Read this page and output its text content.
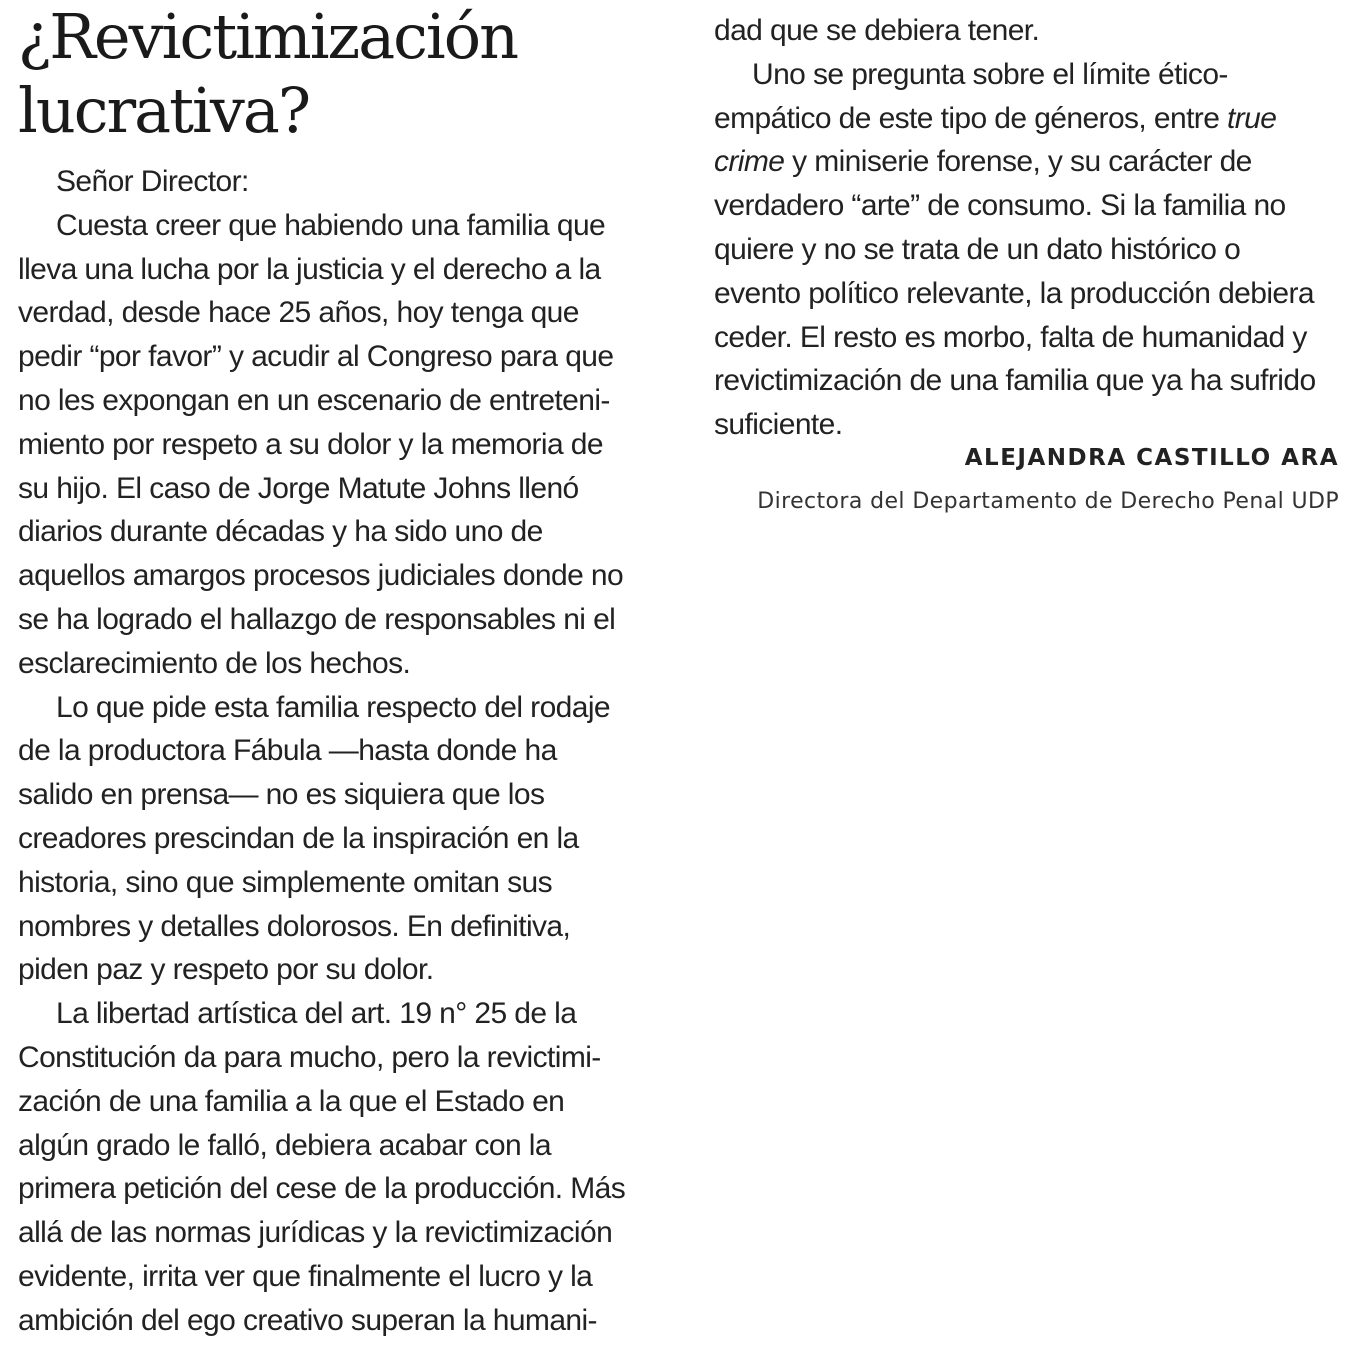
¿Revictimización
lucrativa?
Señor Director:
Cuesta creer que habiendo una familia que
lleva una lucha por la justicia y el derecho a la
verdad, desde hace 25 años, hoy tenga que
pedir “por favor” y acudir al Congreso para que
no les expongan en un escenario de entreteni-
miento por respeto a su dolor y la memoria de
su hijo. El caso de Jorge Matute Johns llenó
diarios durante décadas y ha sido uno de
aquellos amargos procesos judiciales donde no
se ha logrado el hallazgo de responsables ni el
esclarecimiento de los hechos.
Lo que pide esta familia respecto del rodaje
de la productora Fábula —hasta donde ha
salido en prensa— no es siquiera que los
creadores prescindan de la inspiración en la
historia, sino que simplemente omitan sus
nombres y detalles dolorosos. En definitiva,
piden paz y respeto por su dolor.
La libertad artística del art. 19 n° 25 de la
Constitución da para mucho, pero la revictimi-
zación de una familia a la que el Estado en
algún grado le falló, debiera acabar con la
primera petición del cese de la producción. Más
allá de las normas jurídicas y la revictimización
evidente, irrita ver que finalmente el lucro y la
ambición del ego creativo superan la humani-
dad que se debiera tener.
Uno se pregunta sobre el límite ético-
empático de este tipo de géneros, entre true
crime y miniserie forense, y su carácter de
verdadero “arte” de consumo. Si la familia no
quiere y no se trata de un dato histórico o
evento político relevante, la producción debiera
ceder. El resto es morbo, falta de humanidad y
revictimización de una familia que ya ha sufrido
suficiente.
ALEJANDRA CASTILLO ARA
Directora del Departamento de Derecho Penal UDP
